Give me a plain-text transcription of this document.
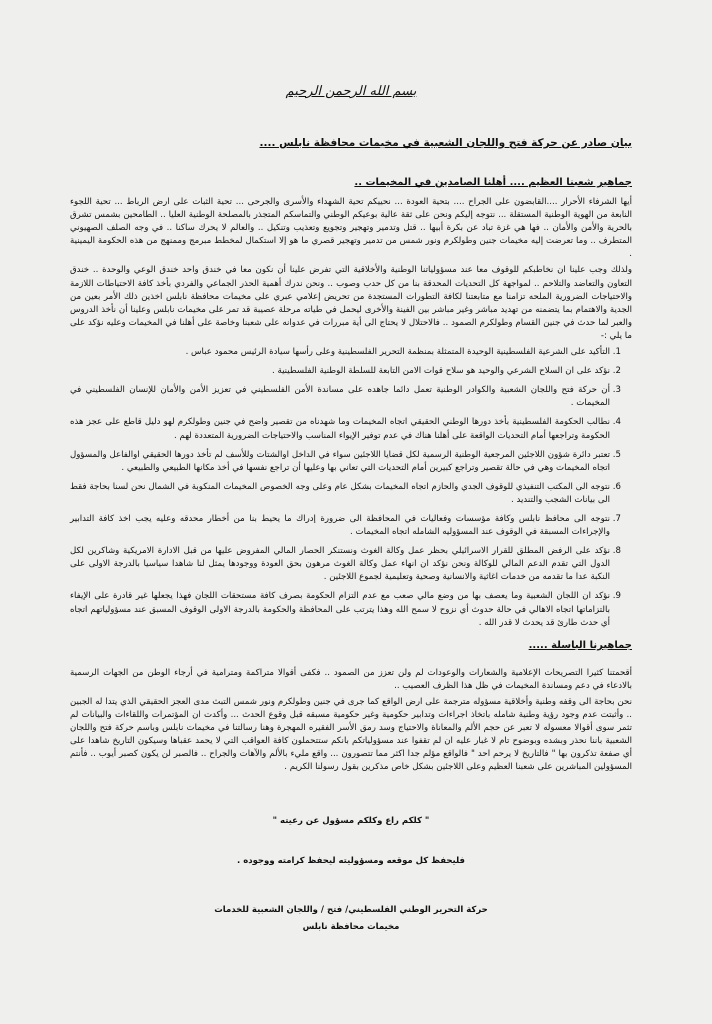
بسم الله الرحمن الرحيم
بيان صادر عن حركة فتح واللجان الشعبية في مخيمات محافظة نابلس ....
جماهير شعبنا العظيم .... أهلنا الصامدين في المخيمات ..

أيها الشرفاء الأحرار ....القابضون على الجراح .... بتحية العودة ... نحييكم تحية الشهداء والأسرى والجرحى ... تحية الثبات على ارض الرباط ... تحية اللجوء النابعة من الهوية الوطنية المستقلة ... نتوجه إليكم ونحن على ثقة عالية بوعيكم الوطني والتماسكم المتجذر بالمصلحة الوطنية العليا .. الطامحين بشمس تشرق بالحرية والأمن والأمان .. فها هي غزة تباد عن بكرة أبيها .. قتل وتدمير وتهجير وتجويع وتعذيب وتنكيل .. والعالم لا يحرك ساكنا .. في وجه الصلف الصهيوني المتطرف .. وما تعرضت إليه مخيمات جنين وطولكرم ونور شمس من تدمير وتهجير قصري ما هو إلا استكمال لمخطط مبرمج وممنهج من هذه الحكومة اليمينية .

ولذلك وجب علينا ان نخاطبكم للوقوف معا عند مسؤولياتنا الوطنية والأخلاقية التي تفرض علينا أن نكون معا في خندق واحد خندق الوعي والوحدة .. خندق التعاون والتعاضد والتلاحم .. لمواجهة كل التحديات المحدقة بنا من كل حدب وصوب .. ونحن ندرك أهمية الحذر الجماعي والفردي بأخذ كافة الاحتياطات اللازمة والاحتياجات الضرورية الملحه تزامنا مع متابعتنا لكافة التطورات المستجدة من تحريض إعلامي عبري على مخيمات محافظة نابلس اخذين ذلك الأمر بعين من الجدية والاهتمام بما يتضمنه من تهديد مباشر وغير مباشر بين الفينة والأخرى ليحمل في طياته مرحلة عصيبة قد تمر على مخيمات نابلس وعلينا أن نأخذ الدروس والعبر لما حدث في جنين القسام وطولكرم الصمود .. فالاحتلال لا يحتاج الى أية مبررات في عدوانه على شعبنا وخاصة على أهلنا في المخيمات وعليه نؤكد على ما يلي :-

1. التأكيد على الشرعية الفلسطينية الوحيدة المتمثلة بمنظمة التحرير الفلسطينية وعلى رأسها سيادة الرئيس محمود عباس .
2. نؤكد على ان السلاح الشرعي والوحيد هو سلاح قوات الامن التابعة للسلطة الوطنية الفلسطينية .
3. أن حركة فتح واللجان الشعبية والكوادر الوطنية تعمل دائما جاهده على مساندة الأمن الفلسطيني في تعزيز الأمن والأمان للإنسان الفلسطيني في المخيمات .
4. نطالب الحكومة الفلسطينية بأخذ دورها الوطني الحقيقي اتجاه المخيمات وما شهدناه من تقصير واضح في جنين وطولكرم لهو دليل قاطع على عجز هذه الحكومة وتراجعها أمام التحديات الواقعة على أهلنا هناك في عدم توفير الإيواء المناسب والاحتياجات الضرورية المتعددة لهم .
5. تعتبر دائرة شؤون اللاجئين المرجعية الوطنية الرسمية لكل قضايا اللاجئين سواء في الداخل اوالشتات وللأسف لم تأخذ دورها الحقيقي اوالفاعل والمسؤول اتجاه المخيمات وهي في حالة تقصير وتراجع كبيرين أمام التحديات التي تعاني بها وعليها أن تراجع نفسها في أخذ مكانها الطبيعي والطبيعي .
6. نتوجه الى المكتب التنفيذي للوقوف الجدي والحازم اتجاه المخيمات بشكل عام وعلى وجه الخصوص المخيمات المنكوبة في الشمال نحن لسنا بحاجة فقط الى بيانات الشجب والتنديد .
7. نتوجه الى محافظ نابلس وكافة مؤسسات وفعاليات في المحافظة الى ضرورة إدراك ما يحيط بنا من أخطار محدقه وعليه يجب اخذ كافة التدابير والإجراءات المسبقة في الوقوف عند المسؤوليه الشامله اتجاه المخيمات .
8. نؤكد على الرفض المطلق للقرار الاسرائيلي بحظر عمل وكالة الغوث ونستنكر الحصار المالي المفروض عليها من قبل الادارة الامريكية وشاكرين لكل الدول التي تقدم الدعم المالي للوكالة ونحن نؤكد ان انهاء عمل وكالة الغوث مرهون بحق العودة ووجودها يمثل لنا شاهدا سياسيا بالدرجة الاولى على النكبة عدا ما تقدمه من خدمات اغاثية والانسانية وصحية وتعليمية لجموع اللاجئين .
9. نؤكد ان اللجان الشعبية وما يعصف بها من وضع مالي صعب مع عدم التزام الحكومة بصرف كافة مستحقات اللجان فهذا يجعلها غير قادرة على الإيفاء بالتزاماتها اتجاه الاهالي في حالة حدوث أي نزوح لا سمح الله وهذا يترتب على المحافظة والحكومة بالدرجة الاولى الوقوف المسبق عند مسؤولياتهم اتجاه أي حدث طارئ قد يحدث لا قدر الله .
جماهيرنا الباسلة .....

أقحمتنا كثيرا التصريحات الإعلامية والشعارات والوعودات لم ولن تعزز من الصمود .. فكفى أقوالا متراكمة ومترامية في أرجاء الوطن من الجهات الرسمية بالادعاء في دعم ومساندة المخيمات في ظل هذا الظرف العصيب ..

نحن بحاجة الى وقفه وطنية وأخلاقية مسؤوله مترجمة على ارض الواقع كما جرى في جنين وطولكرم ونور شمس التبث مدى العجز الحقيقي الذي يتدا له الجبين .. وأثبتت عدم وجود رؤية وطنية شامله باتخاذ اجراءات وتدابير حكومية وغير حكومية مسبقه قبل وقوع الحدث ... وأكدت ان المؤتمرات واللقاءات والبيانات لم تثمر سوى أقوالا معسوله لا تعبر عن حجم الألم والمعاناة والاحتياج وسد رمق الأسر الفقيره المهجرة وهنا رسالتنا في مخيمات نابلس وباسم حركة فتح واللجان الشعبية باننا نحذر وبشده وبوضوح تام لا غبار عليه ان لم تقفوا عند مسؤولياتكم بانكم ستتحملون كافة العواقب التي لا يحمد عقباها وسيكون التاريخ شاهدا على أي صفعة تذكرون بها " فالتاريخ لا يرحم احد " فالواقع مؤلم جدا اكثر مما تتصورون ... واقع مليء بالألم والآهات والجراح .. فالصبر لن يكون كصبر أيوب .. فأنتم المسؤولين المباشرين على شعبنا العظيم وعلى اللاجئين بشكل خاص مذكرين بقول رسولنا الكريم .

" كلكم راع وكلكم مسؤول عن رعيته "
فليحفظ كل موقعه ومسؤوليته ليحفظ كرامته ووجوده .
حركة التحرير الوطني الفلسطيني/ فتح / واللجان الشعبية للخدمات
مخيمات محافظة نابلس
